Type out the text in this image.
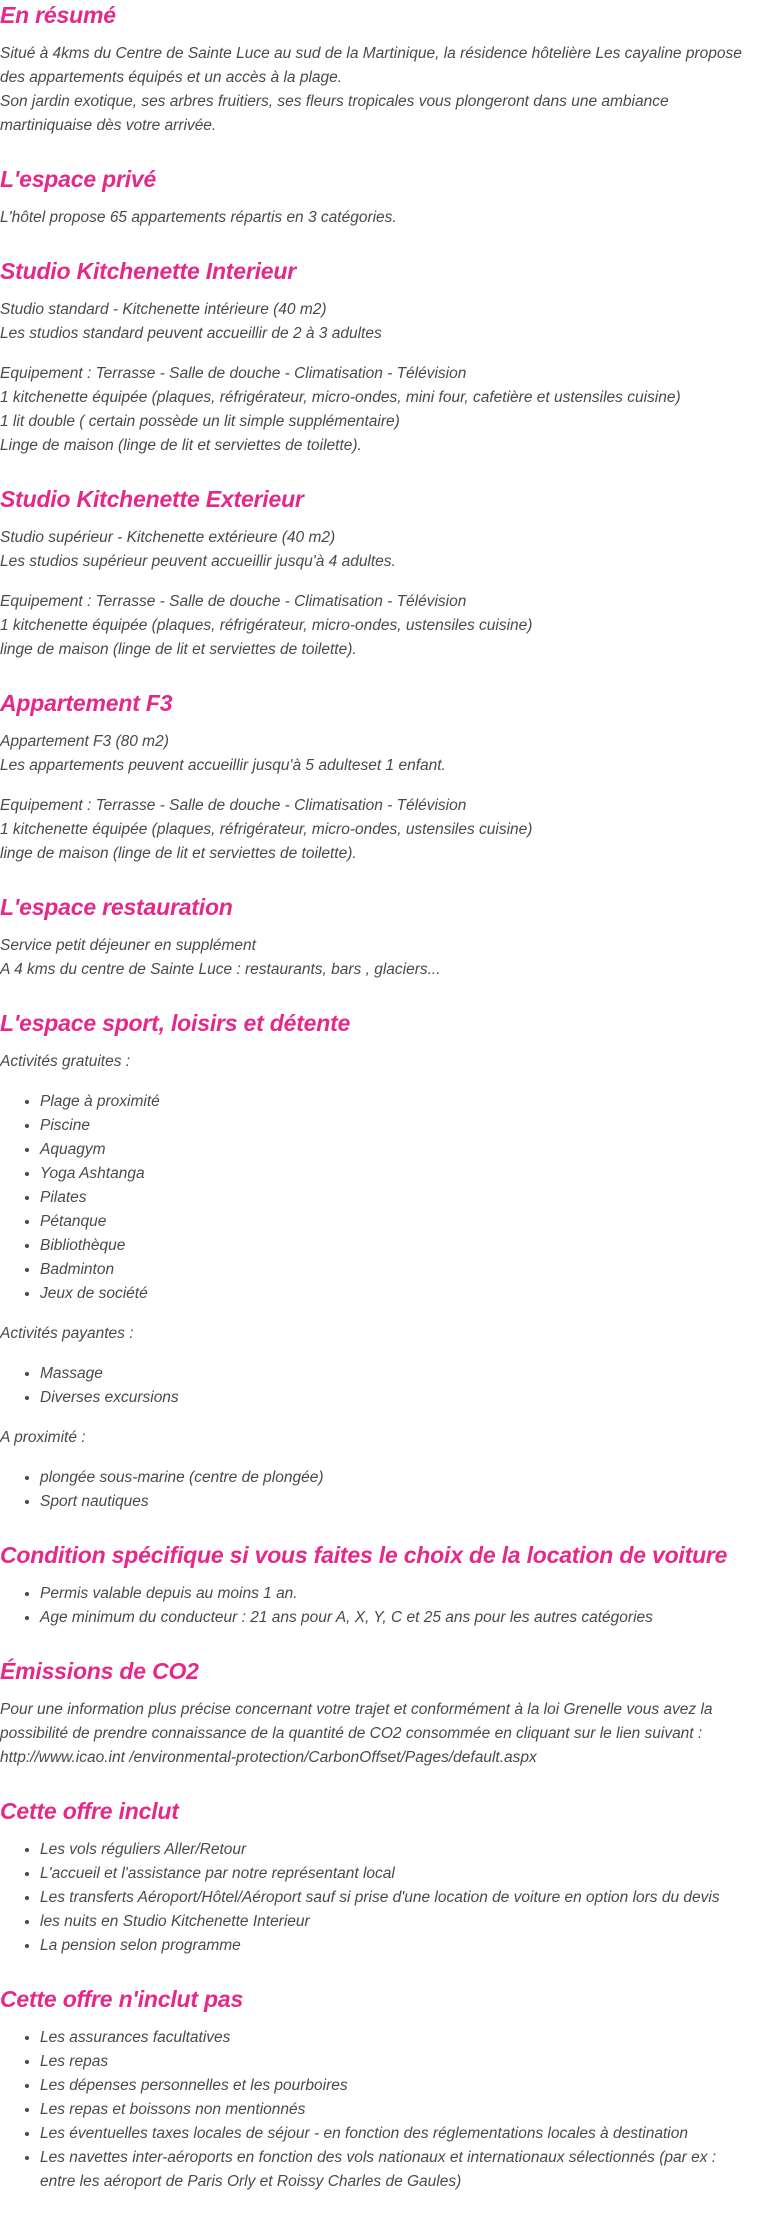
En résumé

Situé à 4kms du Centre de Sainte Luce au sud de la Martinique, la résidence hôtelière Les cayaline propose des appartements équipés et un accès à la plage.
Son jardin exotique, ses arbres fruitiers, ses fleurs tropicales vous plongeront dans une ambiance martiniquaise dès votre arrivée.

L'espace privé

L'hôtel propose 65 appartements répartis en 3 catégories.

Studio Kitchenette Interieur

Studio standard - Kitchenette intérieure (40 m2)
Les studios standard peuvent accueillir de 2 à 3 adultes

Equipement : Terrasse - Salle de douche - Climatisation - Télévision
1 kitchenette équipée (plaques, réfrigérateur, micro-ondes, mini four, cafetière et ustensiles cuisine)
1 lit double ( certain possède un lit simple supplémentaire)
Linge de maison (linge de lit et serviettes de toilette).

Studio Kitchenette Exterieur

Studio supérieur - Kitchenette extérieure (40 m2)
Les studios supérieur peuvent accueillir jusqu'à 4 adultes.

Equipement : Terrasse - Salle de douche - Climatisation - Télévision
1 kitchenette équipée (plaques, réfrigérateur, micro-ondes, ustensiles cuisine)
linge de maison (linge de lit et serviettes de toilette).

Appartement F3

Appartement F3 (80 m2)
Les appartements peuvent accueillir jusqu'à 5 adulteset 1 enfant.

Equipement : Terrasse - Salle de douche - Climatisation - Télévision
1 kitchenette équipée (plaques, réfrigérateur, micro-ondes, ustensiles cuisine)
linge de maison (linge de lit et serviettes de toilette).

L'espace restauration

Service petit déjeuner en supplément
A 4 kms du centre de Sainte Luce : restaurants, bars , glaciers...

L'espace sport, loisirs et détente

Activités gratuites :

• Plage à proximité
• Piscine
• Aquagym
• Yoga Ashtanga
• Pilates
• Pétanque
• Bibliothèque
• Badminton
• Jeux de société

Activités payantes :

• Massage
• Diverses excursions

A proximité :

• plongée sous-marine (centre de plongée)
• Sport nautiques
Condition spécifique si vous faites le choix de la location de voiture
• Permis valable depuis au moins 1 an.
• Age minimum du conducteur : 21 ans pour A, X, Y, C et 25 ans pour les autres catégories
Émissions de CO2

Pour une information plus précise concernant votre trajet et conformément à la loi Grenelle vous avez la possibilité de prendre connaissance de la quantité de CO2 consommée en cliquant sur le lien suivant : http://www.icao.int /environmental-protection/CarbonOffset/Pages/default.aspx

Cette offre inclut
• Les vols réguliers Aller/Retour
• L'accueil et l'assistance par notre représentant local
• Les transferts Aéroport/Hôtel/Aéroport sauf si prise d'une location de voiture en option lors du devis
• les nuits en Studio Kitchenette Interieur
• La pension selon programme
Cette offre n'inclut pas
• Les assurances facultatives
• Les repas
• Les dépenses personnelles et les pourboires
• Les repas et boissons non mentionnés
• Les éventuelles taxes locales de séjour - en fonction des réglementations locales à destination
• Les navettes inter-aéroports en fonction des vols nationaux et internationaux sélectionnés (par ex : entre les aéroport de Paris Orly et Roissy Charles de Gaules)
